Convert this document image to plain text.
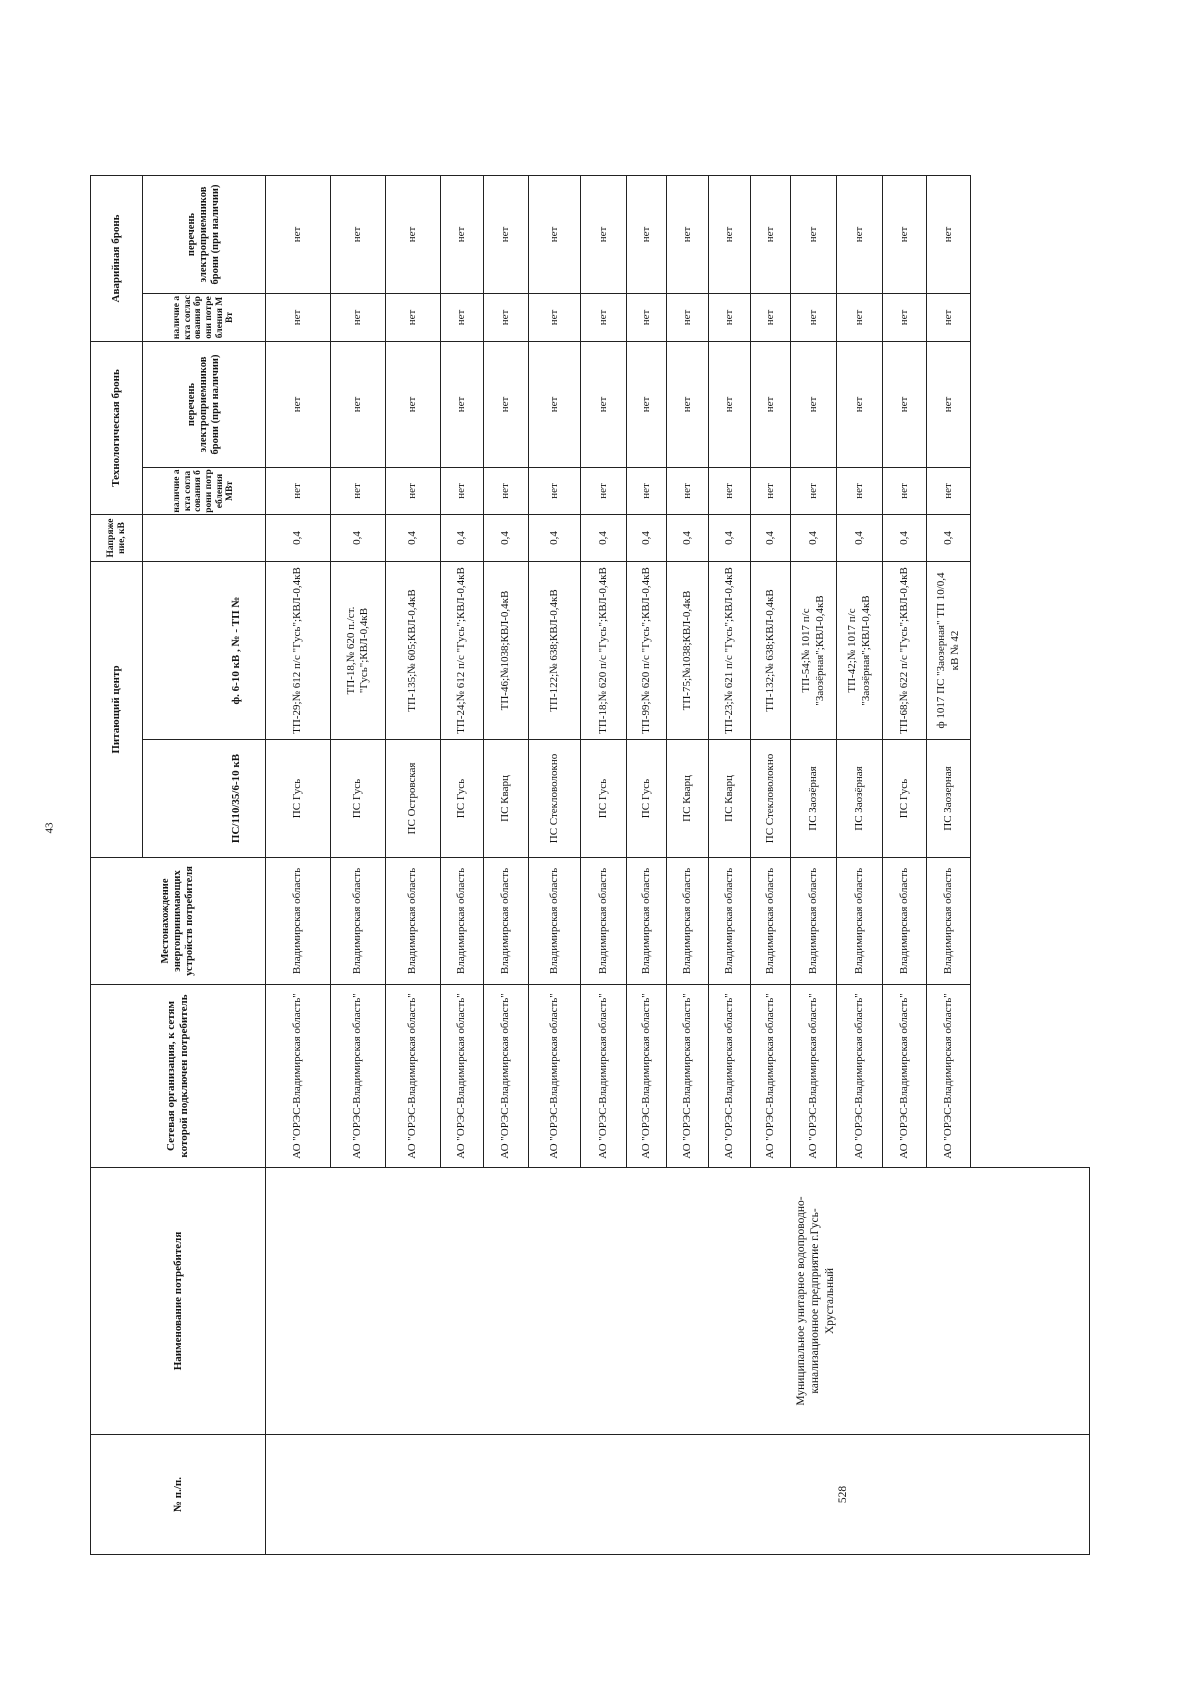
43
№ п./п.
Наименование потребителя
Сетевая организация, к сетям которой подключен потребитель
Местонахождение энергопринимающих устройств потребителя
Питающий центр
ПС/110/35/6-10 кВ
ф. 6-10 кВ , № - ТП №
Напряжение, кВ
Технологическая бронь
наличие акта согласования брони потребления МВт
перечень электроприемников брони (при наличии)
Аварийная бронь
наличие акта согласования брони потребления МВт
перечень электроприемников брони (при наличии)
528
Муниципальное унитарное водопроводно-канализационное предприятие г.Гусь-Хрустальный
АО "ОРЭС-Владимирская область"
Владимирская область
ПС Гусь
ТП-29;№ 612 п/с "Гусь";КВЛ-0,4кВ
0,4
нет
нет
нет
нет
АО "ОРЭС-Владимирская область"
Владимирская область
ПС Гусь
ТП-18,№ 620 п./ст. "Гусь";КВЛ-0,4кВ
0,4
нет
нет
нет
нет
АО "ОРЭС-Владимирская область"
Владимирская область
ПС Островская
ТП-135;№ 605;КВЛ-0,4кВ
0,4
нет
нет
нет
нет
АО "ОРЭС-Владимирская область"
Владимирская область
ПС Гусь
ТП-24;№ 612 п/с "Гусь";КВЛ-0,4кВ
0,4
нет
нет
нет
нет
АО "ОРЭС-Владимирская область"
Владимирская область
ПС Кварц
ТП-46;№1038;КВЛ-0,4кВ
0,4
нет
нет
нет
нет
АО "ОРЭС-Владимирская область"
Владимирская область
ПС Стекловолокно
ТП-122;№ 638;КВЛ-0,4кВ
0,4
нет
нет
нет
нет
АО "ОРЭС-Владимирская область"
Владимирская область
ПС Гусь
ТП-18;№ 620 п/с "Гусь";КВЛ-0,4кВ
0,4
нет
нет
нет
нет
АО "ОРЭС-Владимирская область"
Владимирская область
ПС Гусь
ТП-99;№ 620 п/с "Гусь";КВЛ-0,4кВ
0,4
нет
нет
нет
нет
АО "ОРЭС-Владимирская область"
Владимирская область
ПС Кварц
ТП-75;№1038;КВЛ-0,4кВ
0,4
нет
нет
нет
нет
АО "ОРЭС-Владимирская область"
Владимирская область
ПС Кварц
ТП-23;№ 621 п/с "Гусь";КВЛ-0,4кВ
0,4
нет
нет
нет
нет
АО "ОРЭС-Владимирская область"
Владимирская область
ПС Стекловолокно
ТП-132;№ 638;КВЛ-0,4кВ
0,4
нет
нет
нет
нет
АО "ОРЭС-Владимирская область"
Владимирская область
ПС Заозёрная
ТП-54;№ 1017 п/с "Заозёрная";КВЛ-0,4кВ
0,4
нет
нет
нет
нет
АО "ОРЭС-Владимирская область"
Владимирская область
ПС Заозёрная
ТП-42;№ 1017 п/с "Заозёрная";КВЛ-0,4кВ
0,4
нет
нет
нет
нет
АО "ОРЭС-Владимирская область"
Владимирская область
ПС Гусь
ТП-68;№ 622 п/с "Гусь";КВЛ-0,4кВ
0,4
нет
нет
нет
нет
АО "ОРЭС-Владимирская область"
Владимирская область
ПС Заозерная
ф 1017 ПС "Заозерная" ТП 10/0,4 кВ № 42
0,4
нет
нет
нет
нет
